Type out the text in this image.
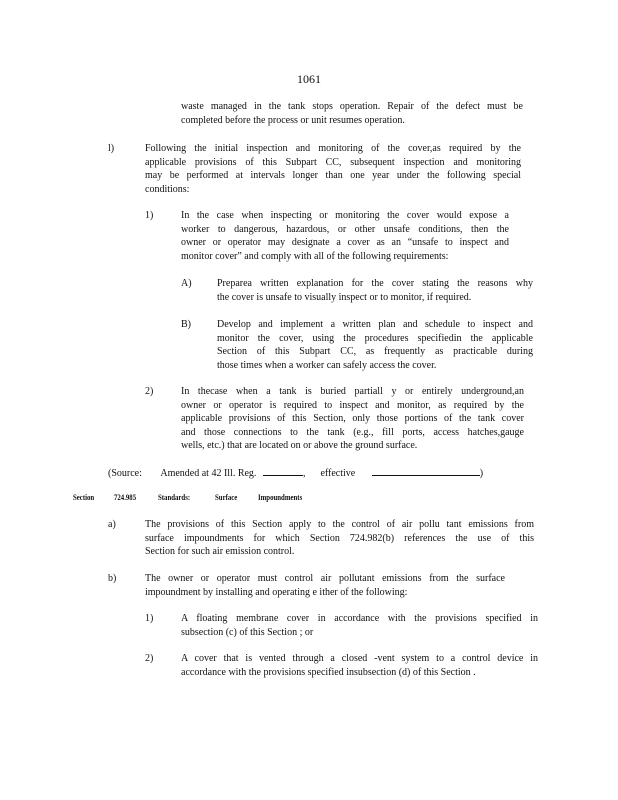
1061
waste managed in the tank stops operation. Repair of the defect must be
completed before the process or unit resumes operation.
l)	Following the initial inspection and monitoring of the cover,as required by the
applicable provisions of this Subpart CC, subsequent inspection and monitoring
may be performed at intervals longer than one year under the following special
conditions:
1)	In the case when inspecting or monitoring the cover would expose a
worker to dangerous, hazardous, or other unsafe conditions, then the
owner or operator may designate a cover as an “unsafe to inspect and
monitor cover” and comply with all of the following requirements:
A)	Preparea written explanation for the cover stating the reasons why
the cover is unsafe to visually inspect or to monitor, if required.
B)	Develop and implement a written plan and schedule to inspect and
monitor the cover, using the procedures specifiedin the applicable
Section of this Subpart CC, as frequently as practicable during
those times when a worker can safely access the cover.
2)	In thecase when a tank is buried partiall y or entirely underground,an
owner or operator is required to inspect and monitor, as required by the
applicable provisions of this Section, only those portions of the tank cover
and those connections to the tank (e.g., fill ports, access hatches,gauge
wells, etc.) that are located on or above the ground surface.
(Source: Amended at 42 Ill. Reg.	, effective	)
Section 724.985	Standards:	Surface	Impoundments
a)	The provisions of this Section apply to the control of air pollu tant emissions from
surface impoundments for which Section 724.982(b) references the use of this
Section for such air emission control.
b)	The owner or operator must control air pollutant emissions from the surface
impoundment by installing and operating e ither of the following:
1)	A floating membrane cover in accordance with the provisions specified in
subsection (c) of this Section ; or
2)	A cover that is vented through a closed -vent system to a control device in
accordance with the provisions specified insubsection (d) of this Section .
